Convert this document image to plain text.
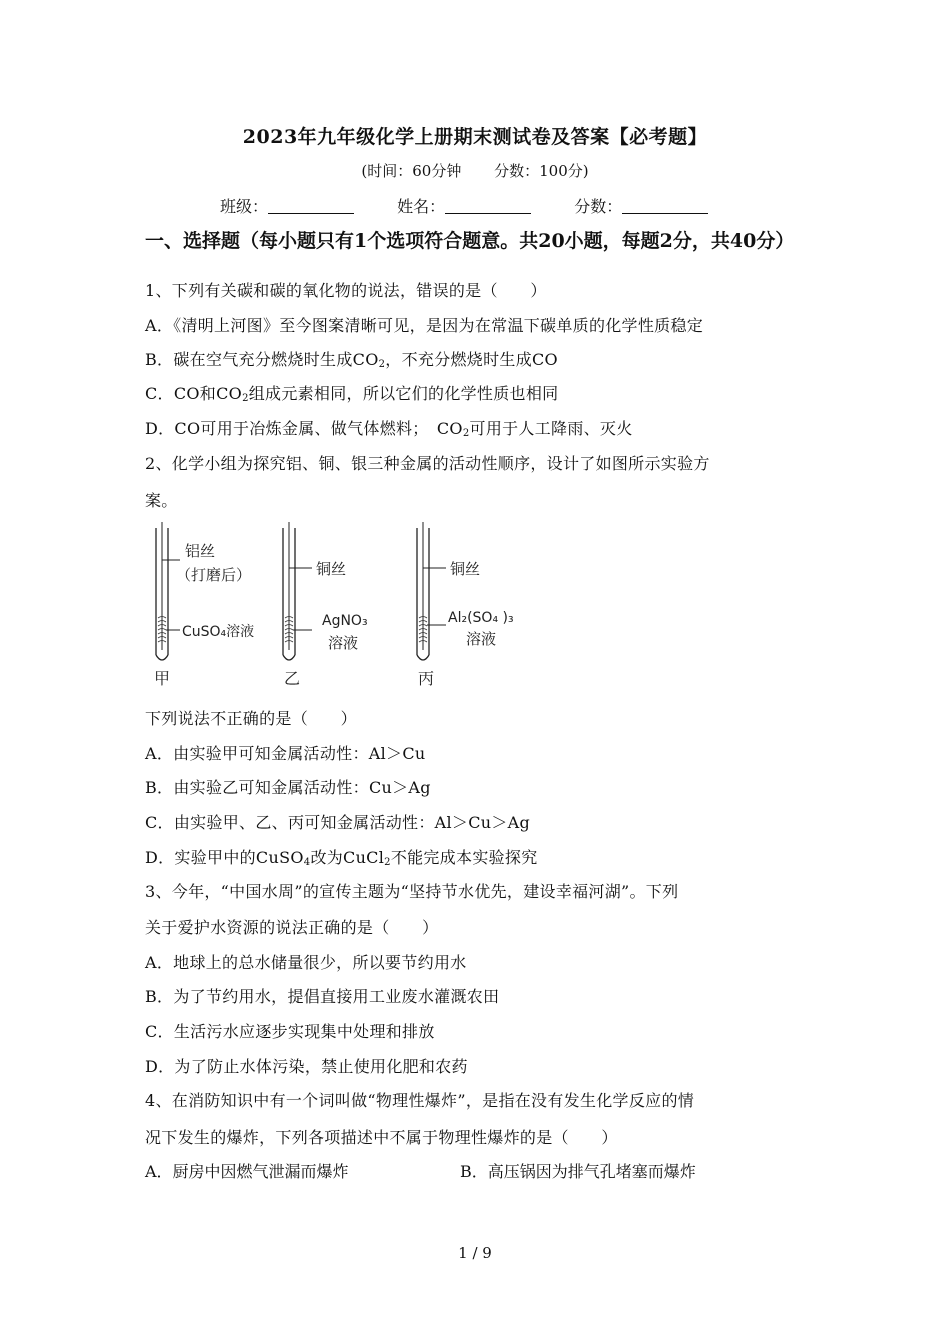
2023年九年级化学上册期末测试卷及答案【必考题】
(时间：60分钟 分数：100分)
班级：	姓名：	分数：
一、选择题（每小题只有1个选项符合题意。共20小题，每题2分，共40分）
1、下列有关碳和碳的氧化物的说法，错误的是（　　）
A．《清明上河图》至今图案清晰可见，是因为在常温下碳单质的化学性质稳定
B．碳在空气充分燃烧时生成$CO_2$，不充分燃烧时生成CO
C．CO和$CO_2$组成元素相同，所以它们的化学性质也相同
D．CO可用于冶炼金属、做气体燃料；　$CO_2$可用于人工降雨、灭火
2、化学小组为探究铝、铜、银三种金属的活动性顺序，设计了如图所示实验方
案。
铝丝
（打磨后）
CuSO₄溶液
甲
铜丝
AgNO₃
溶液
乙
铜丝
Al₂(SO₄ )₃
溶液
丙
下列说法不正确的是（　　）
A．由实验甲可知金属活动性：Al＞Cu
B．由实验乙可知金属活动性：Cu＞Ag
C．由实验甲、乙、丙可知金属活动性：Al＞Cu＞Ag
D．实验甲中的CuSO$_4$改为CuCl$_2$不能完成本实验探究
3、今年，“中国水周”的宣传主题为“坚持节水优先，建设幸福河湖”。下列
关于爱护水资源的说法正确的是（　　）
A．地球上的总水储量很少，所以要节约用水
B．为了节约用水，提倡直接用工业废水灌溉农田
C．生活污水应逐步实现集中处理和排放
D．为了防止水体污染，禁止使用化肥和农药
4、在消防知识中有一个词叫做“物理性爆炸”，是指在没有发生化学反应的情
况下发生的爆炸，下列各项描述中不属于物理性爆炸的是（　　）
A．厨房中因燃气泄漏而爆炸	B．高压锅因为排气孔堵塞而爆炸
1 / 9
